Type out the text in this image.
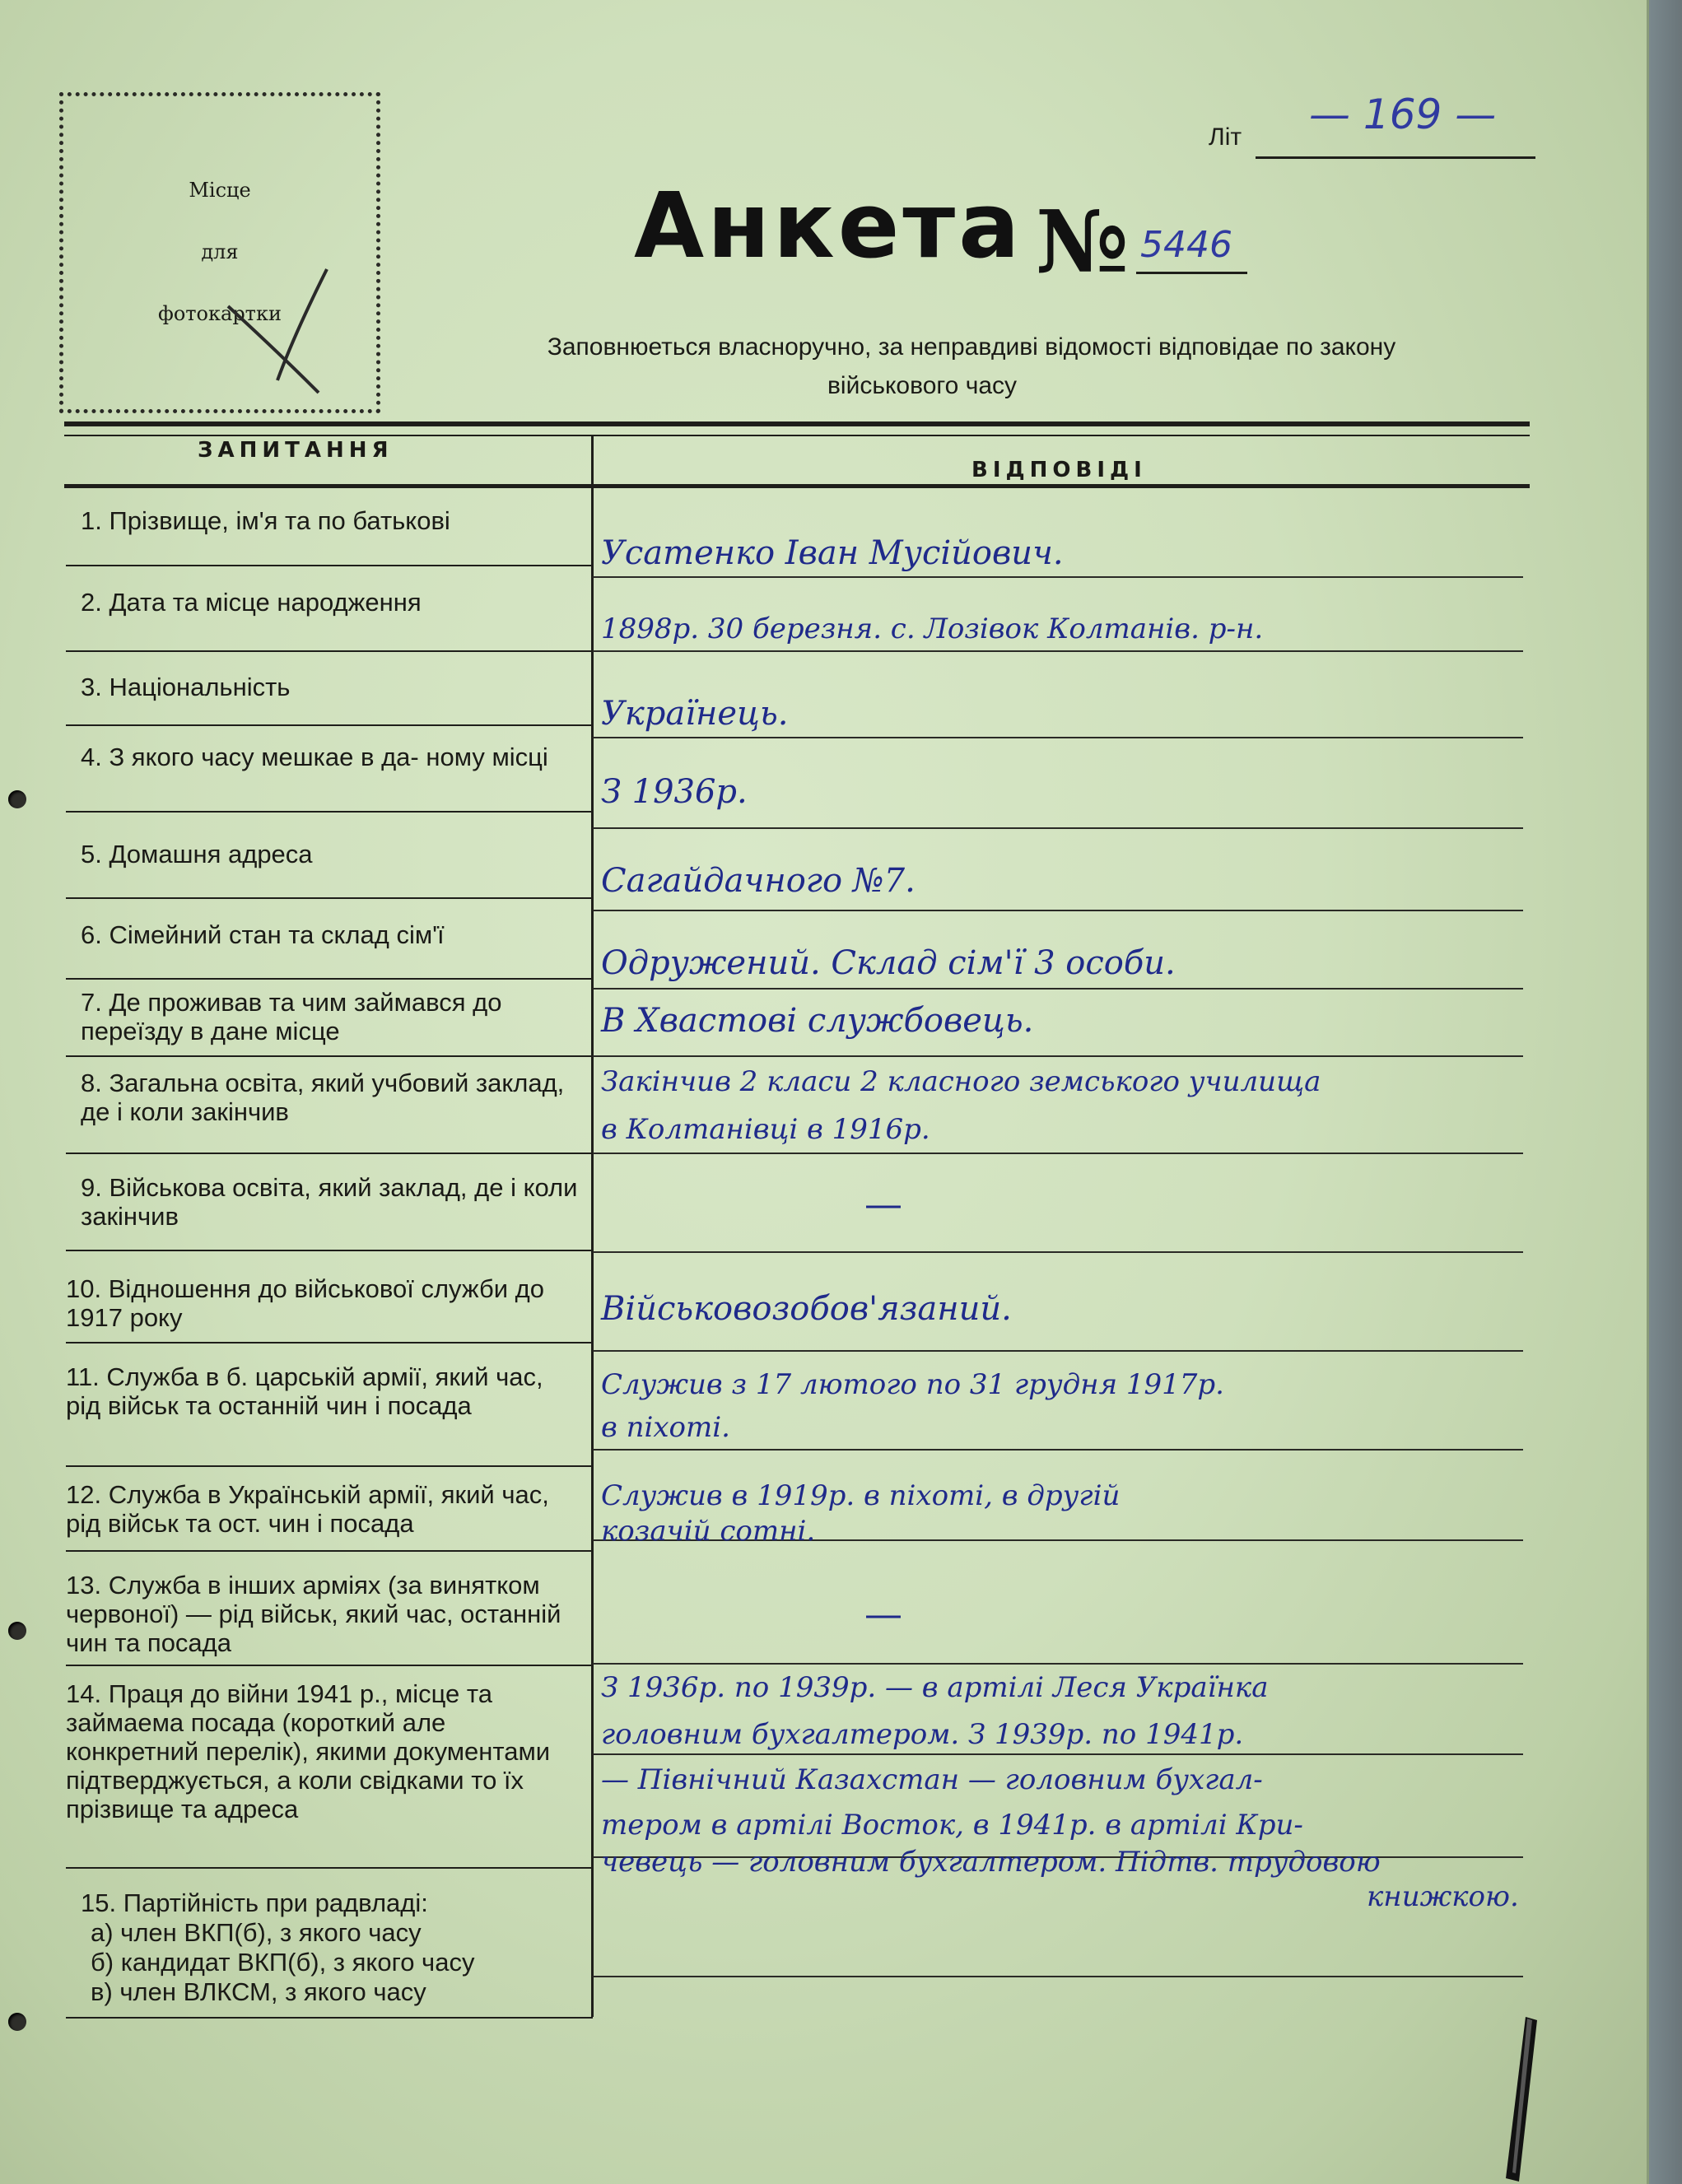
Місце
для
фотокартки
Лiт — 169 —
Анкета № 5446
Заповнюеться власноручно, за неправдиві відомості відповідае по закону

військового часу
ЗАПИТАННЯ
ВІДПОВІДІ
1. Прізвище, ім'я та по батькові
2. Дата та місце народження
3. Національність
4. З якого часу мешкае в да- ному місці
5. Домашня адреса
6. Сімейний стан та склад сім'ї
7. Де проживав та чим займався до переїзду в дане місце
8. Загальна освіта, який учбовий заклад, де і коли закінчив
9. Військова освіта, який заклад, де і коли закінчив
10. Відношення до військової служби до 1917 року
11. Служба в б. царській армії, який час, рід військ та останній чин і посада
12. Служба в Українській армії, який час, рід військ та ост. чин і посада
13. Служба в інших арміях (за винятком червоної) — рід військ, який час, останній чин та посада
14. Праця до війни 1941 р., місце та займаема посада (короткий але конкретний перелік), якими документами підтверджується, а коли свідками то їх прізвище та адреса
15. Партійність при радвладі:
а) член ВКП(б), з якого часу
б) кандидат ВКП(б), з якого часу
в) член ВЛКСМ, з якого часу
Усатенко Іван Мусійович.
1898р. 30 березня. с. Лозівок Колтанів. р-н.
Українець.
З 1936р.
Сагайдачного №7.
Одружений. Склад сім'ї 3 особи.
В Хвастові службовець.
Закінчив 2 класи 2 класного земського училища
в Колтанівці в 1916р.
—
Військовозобов'язаний.
Служив з 17 лютого по 31 грудня 1917р.
в піхоті.
Служив в 1919р. в піхоті, в другій
козачій сотні.
—
З 1936р. по 1939р. — в артілі Леся Українка
головним бухгалтером. З 1939р. по 1941р.
— Північний Казахстан — головним бухгал-
тером в артілі Восток, в 1941р. в артілі Кри-
чевець — головним бухгалтером. Підтв. трудовою
книжкою.
